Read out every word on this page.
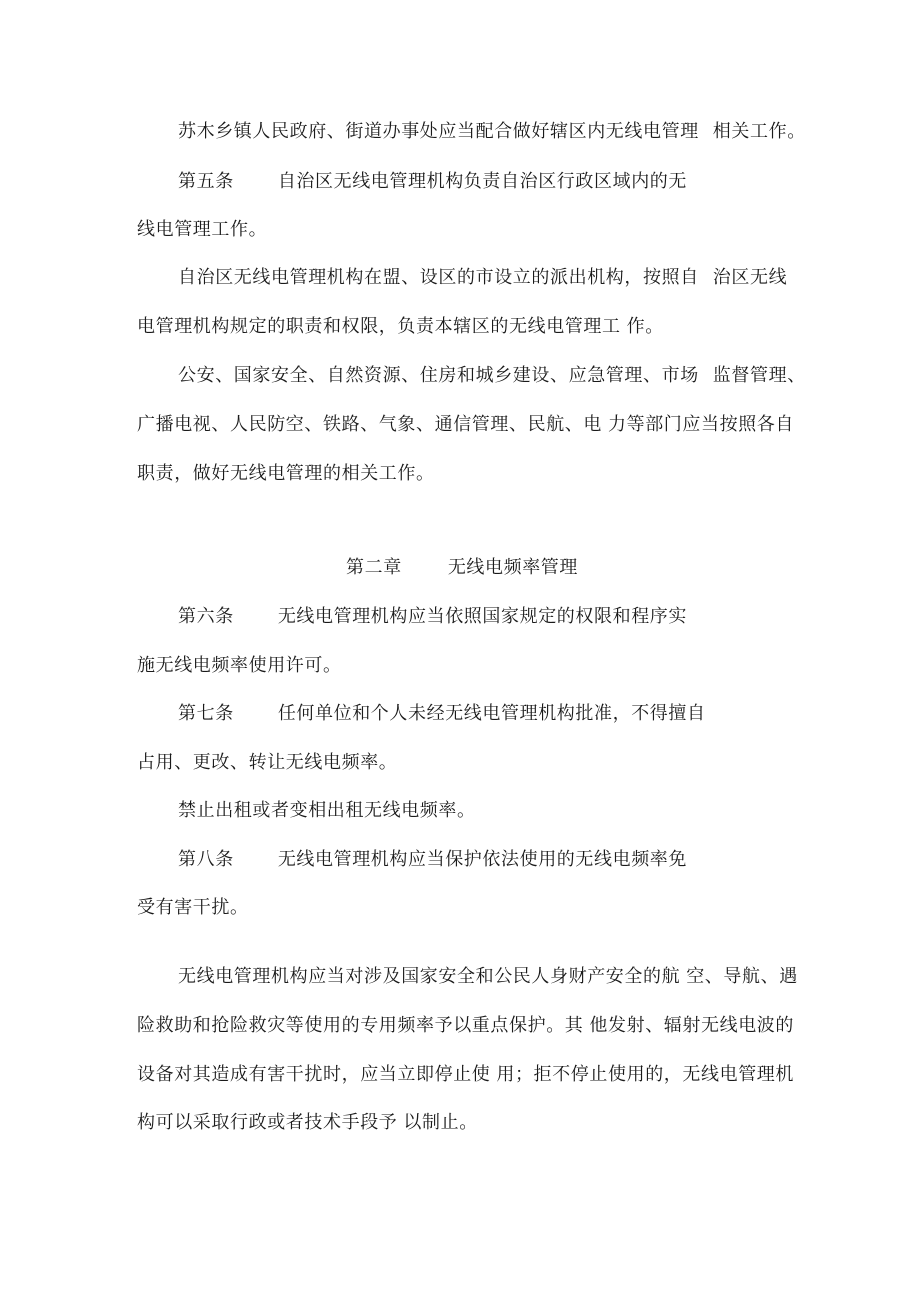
苏木乡镇人民政府、街道办事处应当配合做好辖区内无线电管理 相关工作。
第五条 自治区无线电管理机构负责自治区行政区域内的无
线电管理工作。
自治区无线电管理机构在盟、设区的市设立的派出机构，按照自 治区无线
电管理机构规定的职责和权限，负责本辖区的无线电管理工 作。
公安、国家安全、自然资源、住房和城乡建设、应急管理、市场 监督管理、
广播电视、人民防空、铁路、气象、通信管理、民航、电 力等部门应当按照各自
职责，做好无线电管理的相关工作。
第二章	无线电频率管理
第六条 无线电管理机构应当依照国家规定的权限和程序实
施无线电频率使用许可。
第七条 任何单位和个人未经无线电管理机构批准，不得擅自
占用、更改、转让无线电频率。
禁止出租或者变相出租无线电频率。
第八条 无线电管理机构应当保护依法使用的无线电频率免
受有害干扰。
无线电管理机构应当对涉及国家安全和公民人身财产安全的航 空、导航、遇
险救助和抢险救灾等使用的专用频率予以重点保护。其 他发射、辐射无线电波的
设备对其造成有害干扰时，应当立即停止使 用；拒不停止使用的，无线电管理机
构可以采取行政或者技术手段予 以制止。
